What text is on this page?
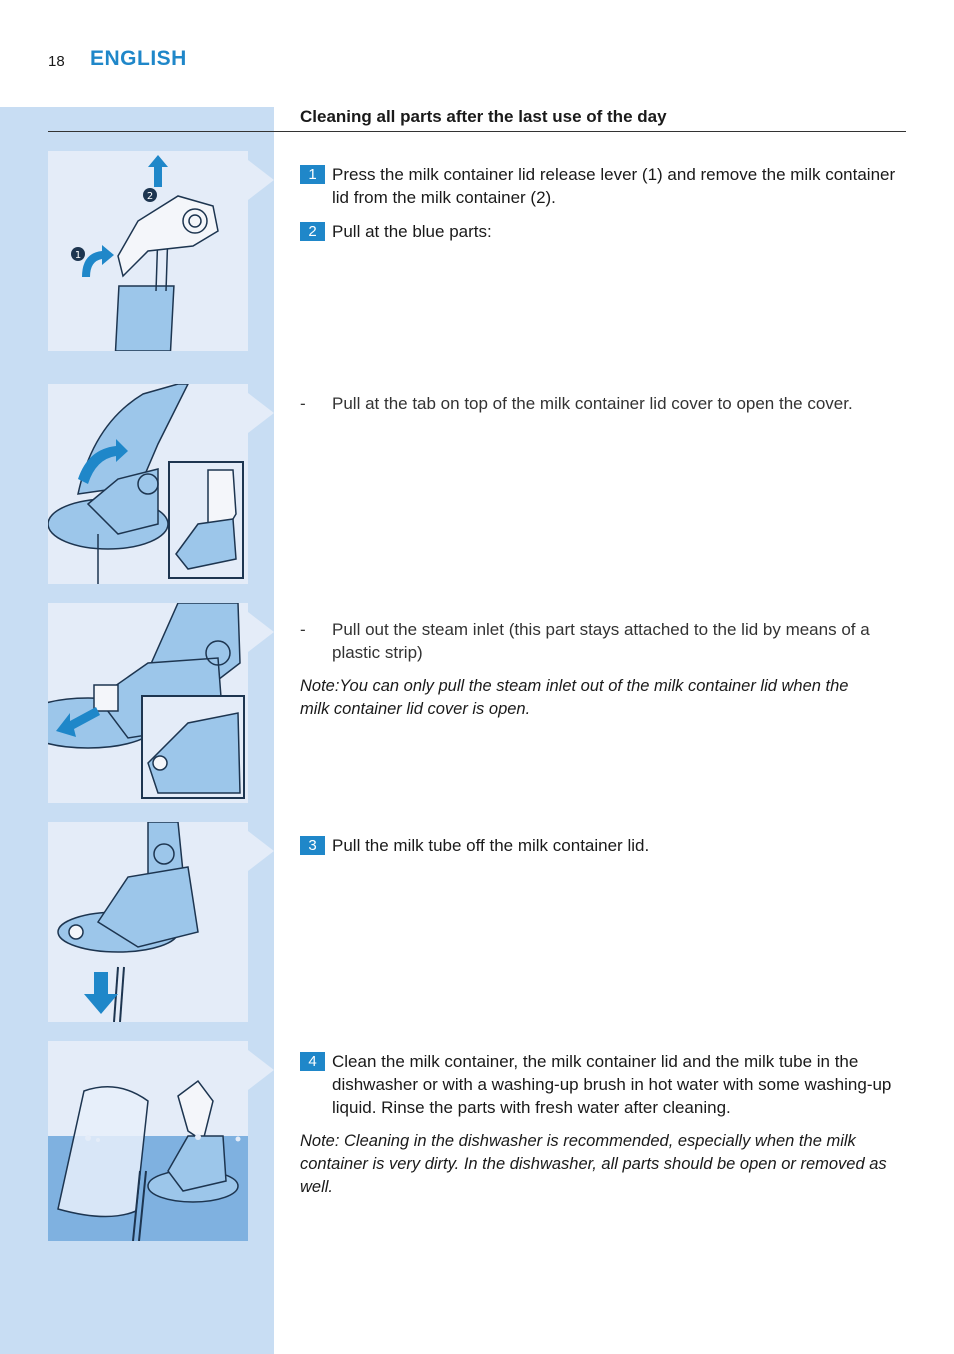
18 ENGLISH
Cleaning all parts after the last use of the day
2
1
1 Press the milk container lid release lever (1) and remove the milk container lid from the milk container (2).
2 Pull at the blue parts:
- Pull at the tab on top of the milk container lid cover to open the cover.
- Pull out the steam inlet (this part stays attached to the lid by means of a plastic strip)
Note:You can only pull the steam inlet out of the milk container lid when the milk container lid cover is open.
3 Pull the milk tube off the milk container lid.
4 Clean the milk container, the milk container lid and the milk tube in the dishwasher or with a washing-up brush in hot water with some washing-up liquid. Rinse the parts with fresh water after cleaning.
Note: Cleaning in the dishwasher is recommended, especially when the milk container is very dirty. In the dishwasher, all parts should be open or removed as well.
